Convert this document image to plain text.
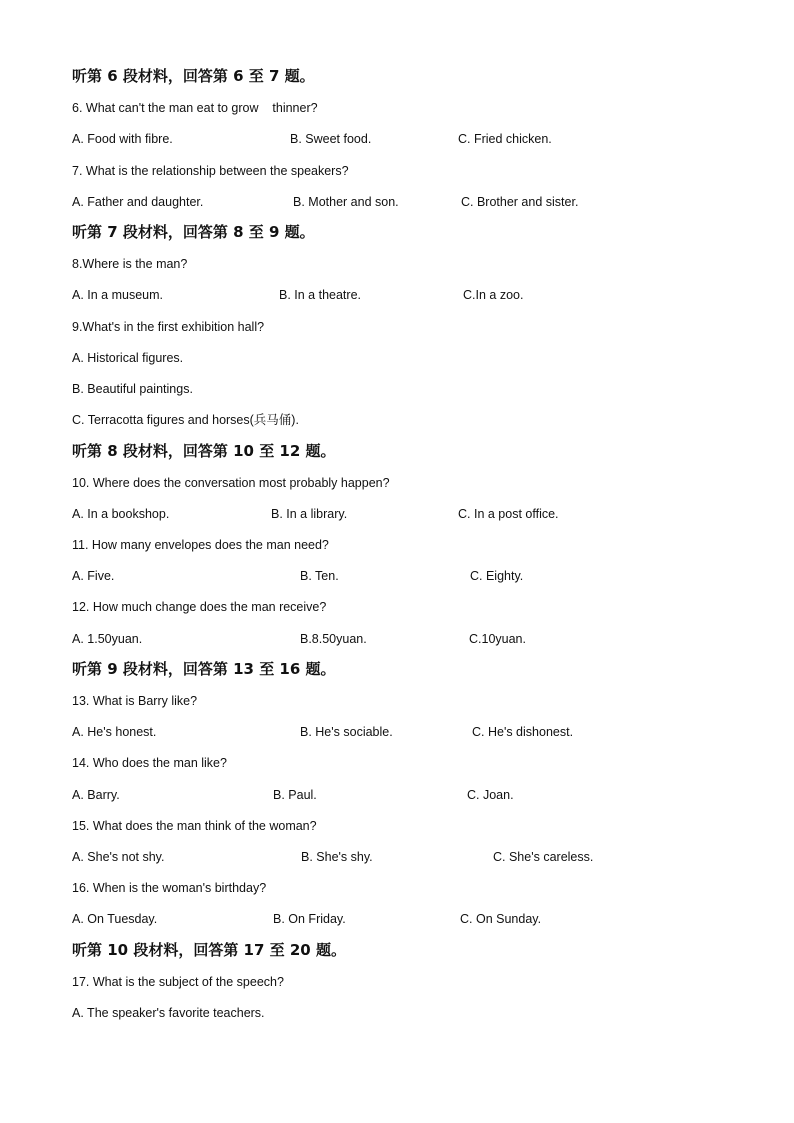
听第 6 段材料，回答第 6 至 7 题。
6. What can't the man eat to grow    thinner?
A. Food with fibre.	B. Sweet food.	C. Fried chicken.
7. What is the relationship between the speakers?
A. Father and daughter.	B. Mother and son.	C. Brother and sister.
听第 7 段材料，回答第 8 至 9 题。
8.Where is the man?
A. In a museum.	B. In a theatre.	C.In a zoo.
9.What's in the first exhibition hall?
A. Historical figures.
B. Beautiful paintings.
C. Terracotta figures and horses(兵马俑).
听第 8 段材料，回答第 10 至 12 题。
10. Where does the conversation most probably happen?
A. In a bookshop.	B. In a library.	C. In a post office.
11. How many envelopes does the man need?
A. Five.	B. Ten.	C. Eighty.
12. How much change does the man receive?
A. 1.50yuan.	B.8.50yuan.	C.10yuan.
听第 9 段材料，回答第 13 至 16 题。
13. What is Barry like?
A. He's honest.	B. He's sociable.	C. He's dishonest.
14. Who does the man like?
A. Barry.	B. Paul.	C. Joan.
15. What does the man think of the woman?
A. She's not shy.	B. She's shy.	C. She's careless.
16. When is the woman's birthday?
A. On Tuesday.	B. On Friday.	C. On Sunday.
听第 10 段材料，回答第 17 至 20 题。
17. What is the subject of the speech?
A. The speaker's favorite teachers.
